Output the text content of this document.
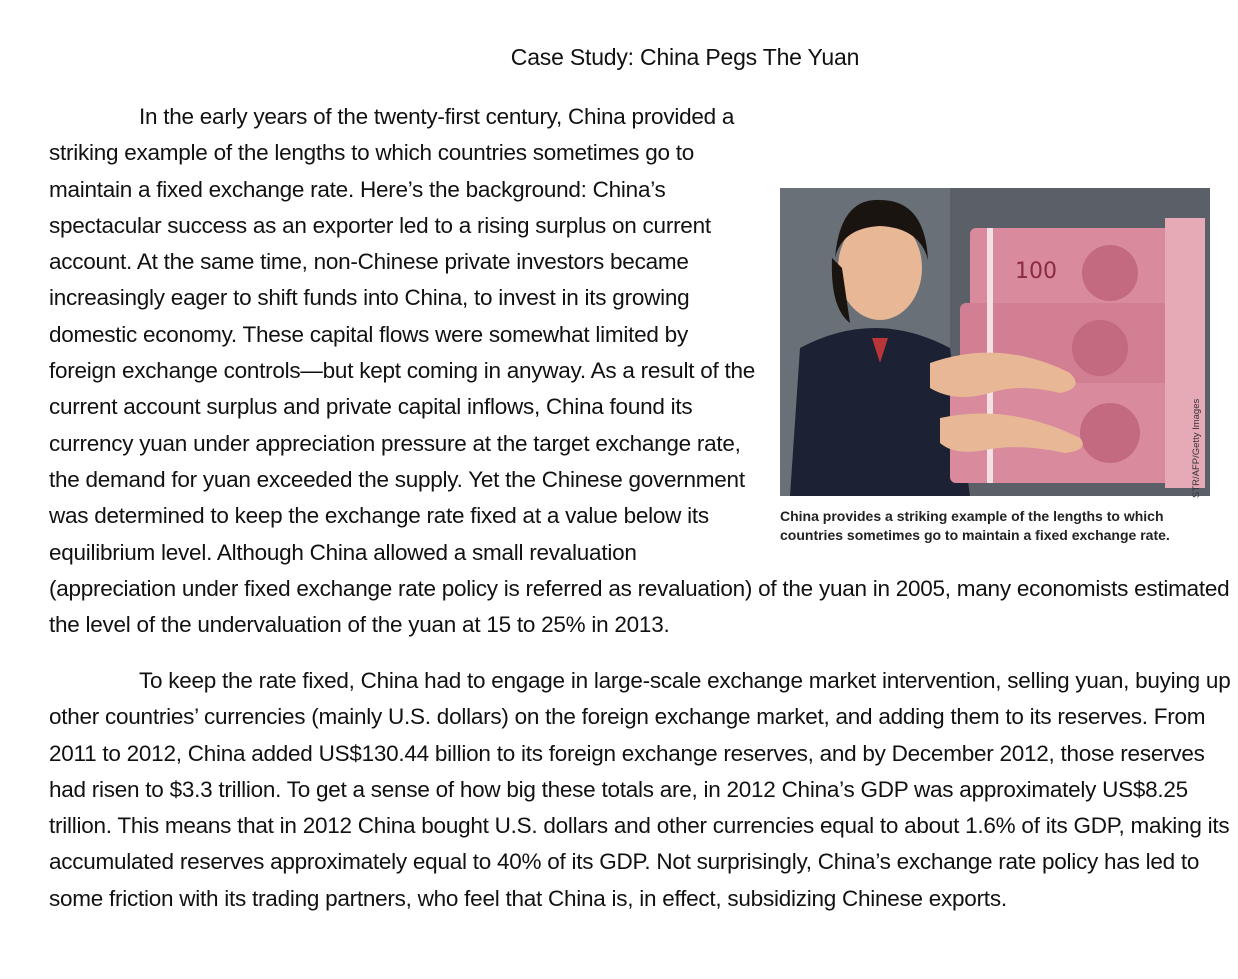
Case Study: China Pegs The Yuan

In the early years of the twenty-first century, China provided a striking example of the lengths to which countries sometimes go to maintain a fixed exchange rate. Here’s the background: China’s spectacular success as an exporter led to a rising surplus on current account. At the same time, non-Chinese private investors became increasingly eager to shift funds into China, to invest in its growing domestic economy. These capital flows were somewhat limited by foreign exchange controls—but kept coming in anyway. As a result of the current account surplus and private capital inflows, China found its currency yuan under appreciation pressure at the target exchange rate, the demand for yuan exceeded the supply. Yet the Chinese government was determined to keep the exchange rate fixed at a value below its equilibrium level. Although China allowed a small revaluation (appreciation under fixed exchange rate policy is referred as revaluation) of the yuan in 2005, many economists estimated the level of the undervaluation of the yuan at 15 to 25% in 2013.

To keep the rate fixed, China had to engage in large-scale exchange market intervention, selling yuan, buying up other countries’ currencies (mainly U.S. dollars) on the foreign exchange market, and adding them to its reserves. From 2011 to 2012, China added US$130.44 billion to its foreign exchange reserves, and by December 2012, those reserves had risen to $3.3 trillion. To get a sense of how big these totals are, in 2012 China’s GDP was approximately US$8.25 trillion. This means that in 2012 China bought U.S. dollars and other currencies equal to about 1.6% of its GDP, making its accumulated reserves approximately equal to 40% of its GDP. Not surprisingly, China’s exchange rate policy has led to some friction with its trading partners, who feel that China is, in effect, subsidizing Chinese exports.

100
STR/AFP/Getty Images
China provides a striking example of the lengths to which countries sometimes go to maintain a fixed exchange rate.
